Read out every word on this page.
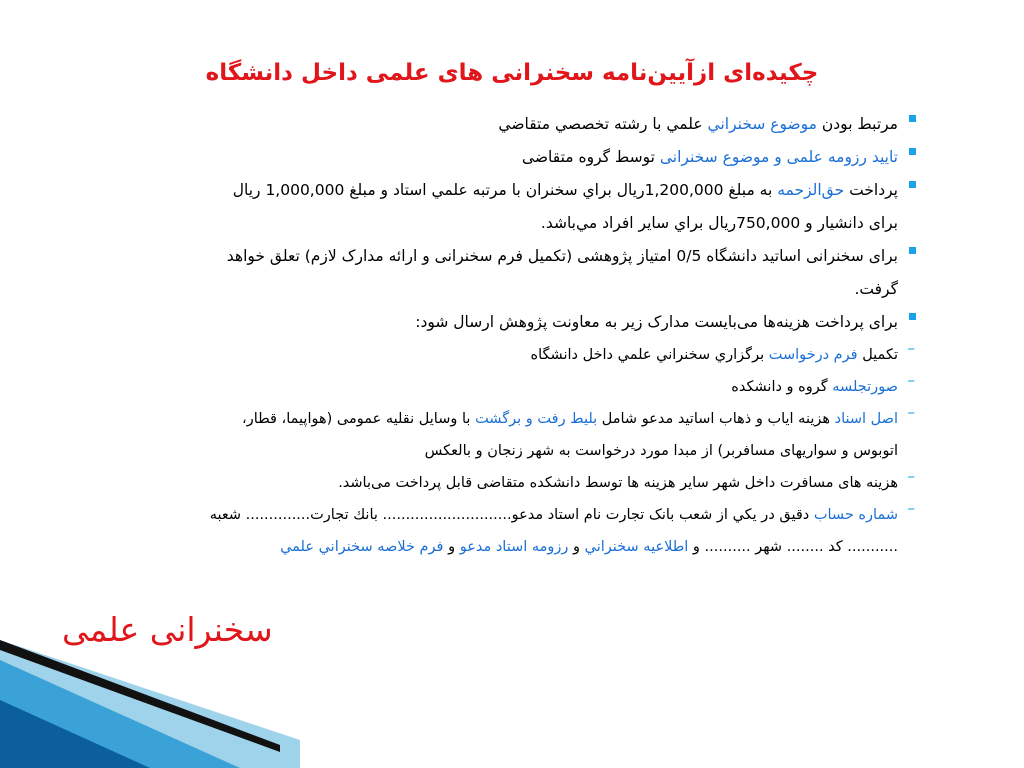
چکیده‌ای ازآیین‌نامه سخنرانی های علمی داخل دانشگاه
مرتبط بودن موضوع سخنراني علمي با رشته تخصصي متقاضي
تایید رزومه علمی و موضوع سخنرانی توسط گروه متقاضی
پرداخت حق‌الزحمه به مبلغ 1,200,000ريال براي سخنران با مرتبه علمي استاد و مبلغ 1,000,000 ريال
برای دانشیار و 750,000ريال براي ساير افراد مي‌باشد.
برای سخنرانی اساتید دانشگاه 0/5 امتیاز پژوهشی (تکمیل فرم سخنرانی و ارائه مدارک لازم) تعلق خواهد
گرفت.
برای پرداخت هزینه‌ها می‌بایست مدارک زیر به معاونت پژوهش ارسال شود:
–
تکمیل فرم درخواست برگزاري سخنراني علمي داخل دانشگاه
–
صورتجلسه گروه و دانشکده
–
اصل اسناد هزینه ایاب و ذهاب اساتید مدعو شامل بلیط رفت و برگشت با وسایل نقلیه عمومی (هواپیما، قطار،
اتوبوس و سواریهای مسافربر) از مبدا مورد درخواست به شهر زنجان و بالعکس
–
هزینه های مسافرت داخل شهر سایر هزینه ها توسط دانشکده متقاضی قابل پرداخت می‌باشد.
–
شماره حساب دقيق در يكي از شعب بانک تجارت نام استاد مدعو............................ بانك تجارت.............. شعبه
........... كد ........ شهر .......... و اطلاعيه سخنراني و رزومه استاد مدعو و فرم خلاصه سخنراني علمي
سخنرانی علمی
